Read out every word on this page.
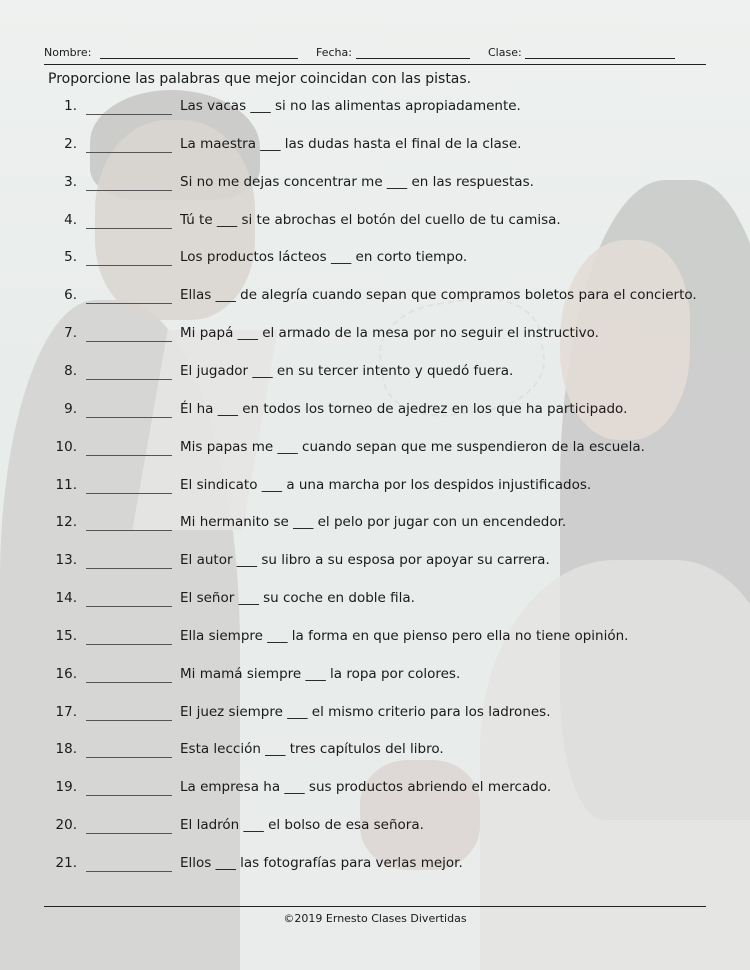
Nombre:	Fecha:	Clase:
Proporcione las palabras que mejor coincidan con las pistas.
1.	Las vacas ___ si no las alimentas apropiadamente.
2.	La maestra ___ las dudas hasta el final de la clase.
3.	Si no me dejas concentrar me ___ en las respuestas.
4.	Tú te ___ si te abrochas el botón del cuello de tu camisa.
5.	Los productos lácteos ___ en corto tiempo.
6.	Ellas ___ de alegría cuando sepan que compramos boletos para el concierto.
7.	Mi papá ___ el armado de la mesa por no seguir el instructivo.
8.	El jugador ___ en su tercer intento y quedó fuera.
9.	Él ha ___ en todos los torneo de ajedrez en los que ha participado.
10.	Mis papas me ___ cuando sepan que me suspendieron de la escuela.
11.	El sindicato ___ a una marcha por los despidos injustificados.
12.	Mi hermanito se ___ el pelo por jugar con un encendedor.
13.	El autor ___ su libro a su esposa por apoyar su carrera.
14.	El señor ___ su coche en doble fila.
15.	Ella siempre ___ la forma en que pienso pero ella no tiene opinión.
16.	Mi mamá siempre ___ la ropa por colores.
17.	El juez siempre ___ el mismo criterio para los ladrones.
18.	Esta lección ___ tres capítulos del libro.
19.	La empresa ha ___ sus productos abriendo el mercado.
20.	El ladrón ___ el bolso de esa señora.
21.	Ellos ___ las fotografías para verlas mejor.
©2019 Ernesto Clases Divertidas
